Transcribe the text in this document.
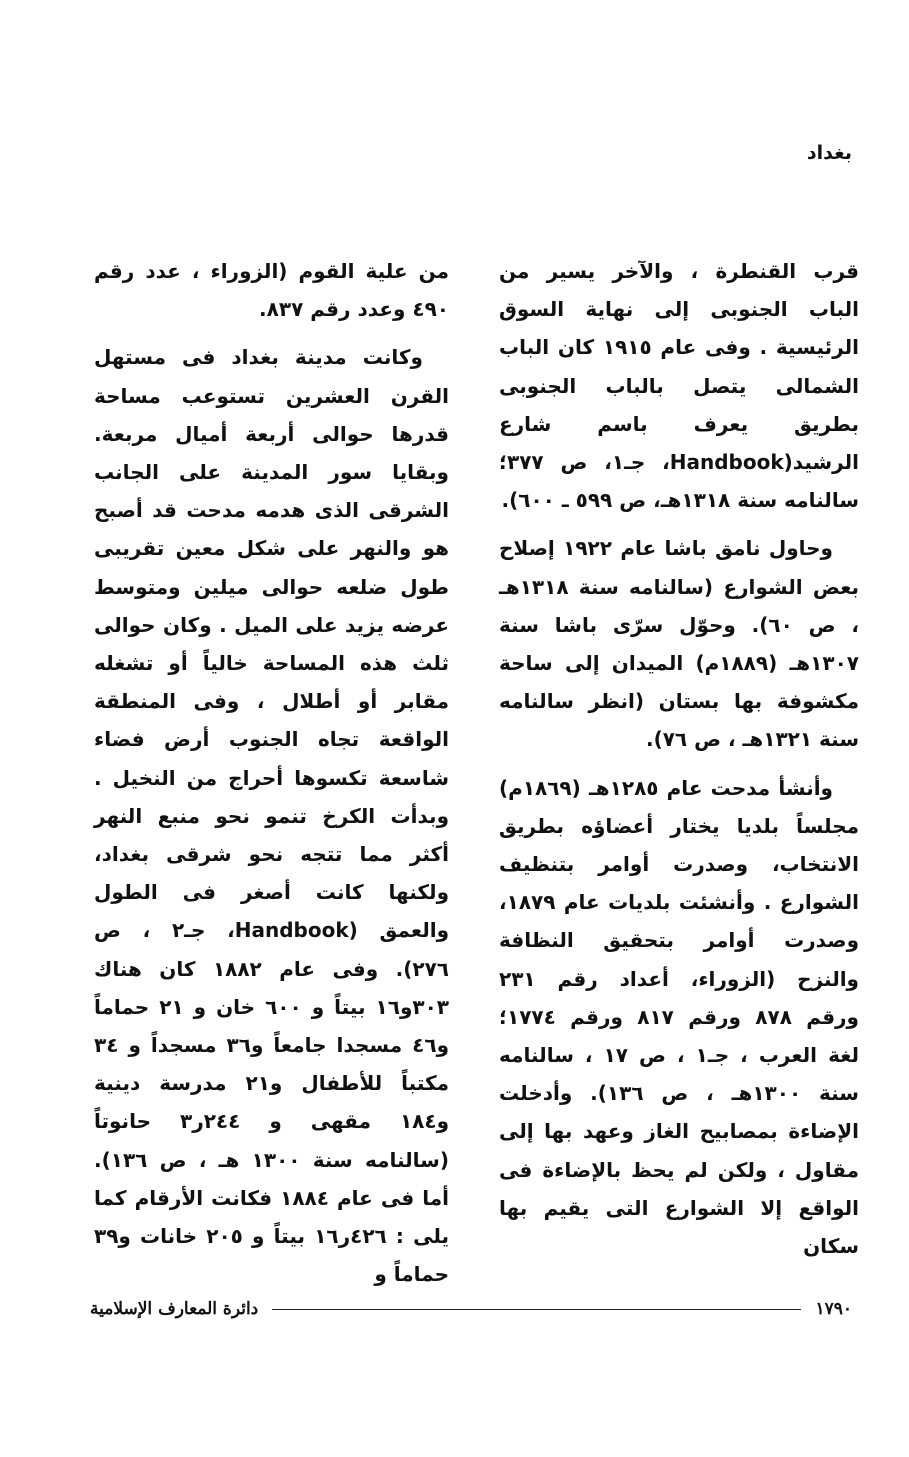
بغداد

قرب القنطرة ، والآخر يسير من الباب الجنوبى إلى نهاية السوق الرئيسية . وفى عام ١٩١٥ كان الباب الشمالى يتصل بالباب الجنوبى بطريق يعرف باسم شارع الرشيد(Handbook، جـ١، ص ٣٧٧؛ سالنامه سنة ١٣١٨هـ، ص ٥٩٩ ـ ٦٠٠).

وحاول نامق باشا عام ١٩٢٢ إصلاح بعض الشوارع (سالنامه سنة ١٣١٨هـ ، ص ٦٠). وحوّل سرّى باشا سنة ١٣٠٧هـ (١٨٨٩م) الميدان إلى ساحة مكشوفة بها بستان (انظر سالنامه سنة ١٣٢١هـ ، ص ٧٦).

وأنشأ مدحت عام ١٢٨٥هـ (١٨٦٩م) مجلساً بلديا يختار أعضاؤه بطريق الانتخاب، وصدرت أوامر بتنظيف الشوارع . وأنشئت بلديات عام ١٨٧٩، وصدرت أوامر بتحقيق النظافة والنزح (الزوراء، أعداد رقم ٢٣١ ورقم ٨٧٨ ورقم ٨١٧ ورقم ١٧٧٤؛ لغة العرب ، جـ١ ، ص ١٧ ، سالنامه سنة ١٣٠٠هـ ، ص ١٣٦). وأدخلت الإضاءة بمصابيح الغاز وعهد بها إلى مقاول ، ولكن لم يحظ بالإضاءة فى الواقع إلا الشوارع التى يقيم بها سكان

من علية القوم (الزوراء ، عدد رقم ٤٩٠ وعدد رقم ٨٣٧.

وكانت مدينة بغداد فى مستهل القرن العشرين تستوعب مساحة قدرها حوالى أربعة أميال مربعة. وبقايا سور المدينة على الجانب الشرقى الذى هدمه مدحت قد أصبح هو والنهر على شكل معين تقريبى طول ضلعه حوالى ميلين ومتوسط عرضه يزيد على الميل . وكان حوالى ثلث هذه المساحة خالياً أو تشغله مقابر أو أطلال ، وفى المنطقة الواقعة تجاه الجنوب أرض فضاء شاسعة تكسوها أحراج من النخيل . وبدأت الكرخ تنمو نحو منبع النهر أكثر مما تتجه نحو شرقى بغداد، ولكنها كانت أصغر فى الطول والعمق (Handbook، جـ٢ ، ص ٢٧٦). وفى عام ١٨٨٢ كان هناك ٣٠٣و١٦ بيتاً و ٦٠٠ خان و ٢١ حماماً و٤٦ مسجدا جامعاً و٣٦ مسجداً و ٣٤ مكتباً للأطفال و٢١ مدرسة دينية و١٨٤ مقهى و ٢٤٤ر٣ حانوتاً (سالنامه سنة ١٣٠٠ هـ ، ص ١٣٦). أما فى عام ١٨٨٤ فكانت الأرقام كما يلى : ٤٢٦ر١٦ بيتاً و ٢٠٥ خانات و٣٩ حماماً و

١٧٩٠
دائرة المعارف الإسلامية
